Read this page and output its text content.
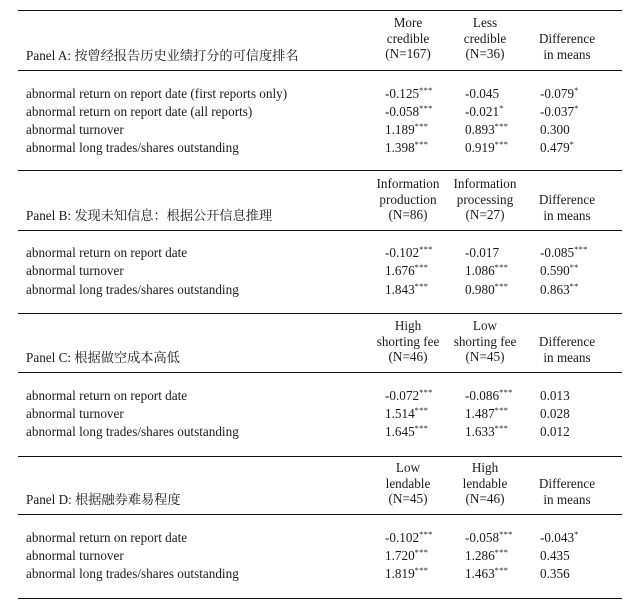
Panel A: 按曾经报告历史业绩打分的可信度排名
More
credible
(N=167)
Less
credible
(N=36)
Difference
in means
abnormal return on report date (first reports only)	-0.125*** -0.045	-0.079*
abnormal return on report date (all reports)	-0.058*** -0.021*	-0.037*
abnormal turnover	1.189***	0.893*** 0.300
abnormal long trades/shares outstanding	1.398***	0.919*** 0.479*
Panel B: 发现未知信息：根据公开信息推理
Information
production
(N=86)
Information
processing
(N=27)
Difference
in means
abnormal return on report date	-0.102*** -0.017	-0.085***
abnormal turnover	1.676***	1.086*** 0.590**
abnormal long trades/shares outstanding	1.843***	0.980*** 0.863**
Panel C: 根据做空成本高低
High
shorting fee
(N=46)
Low
shorting fee
(N=45)
Difference
in means
abnormal return on report date	-0.072*** -0.086*** 0.013
abnormal turnover	1.514***	1.487*** 0.028
abnormal long trades/shares outstanding	1.645***	1.633*** 0.012
Panel D: 根据融券难易程度
Low
lendable
(N=45)
High
lendable
(N=46)
Difference
in means
abnormal return on report date	-0.102*** -0.058*** -0.043*
abnormal turnover	1.720***	1.286*** 0.435
abnormal long trades/shares outstanding	1.819***	1.463*** 0.356
